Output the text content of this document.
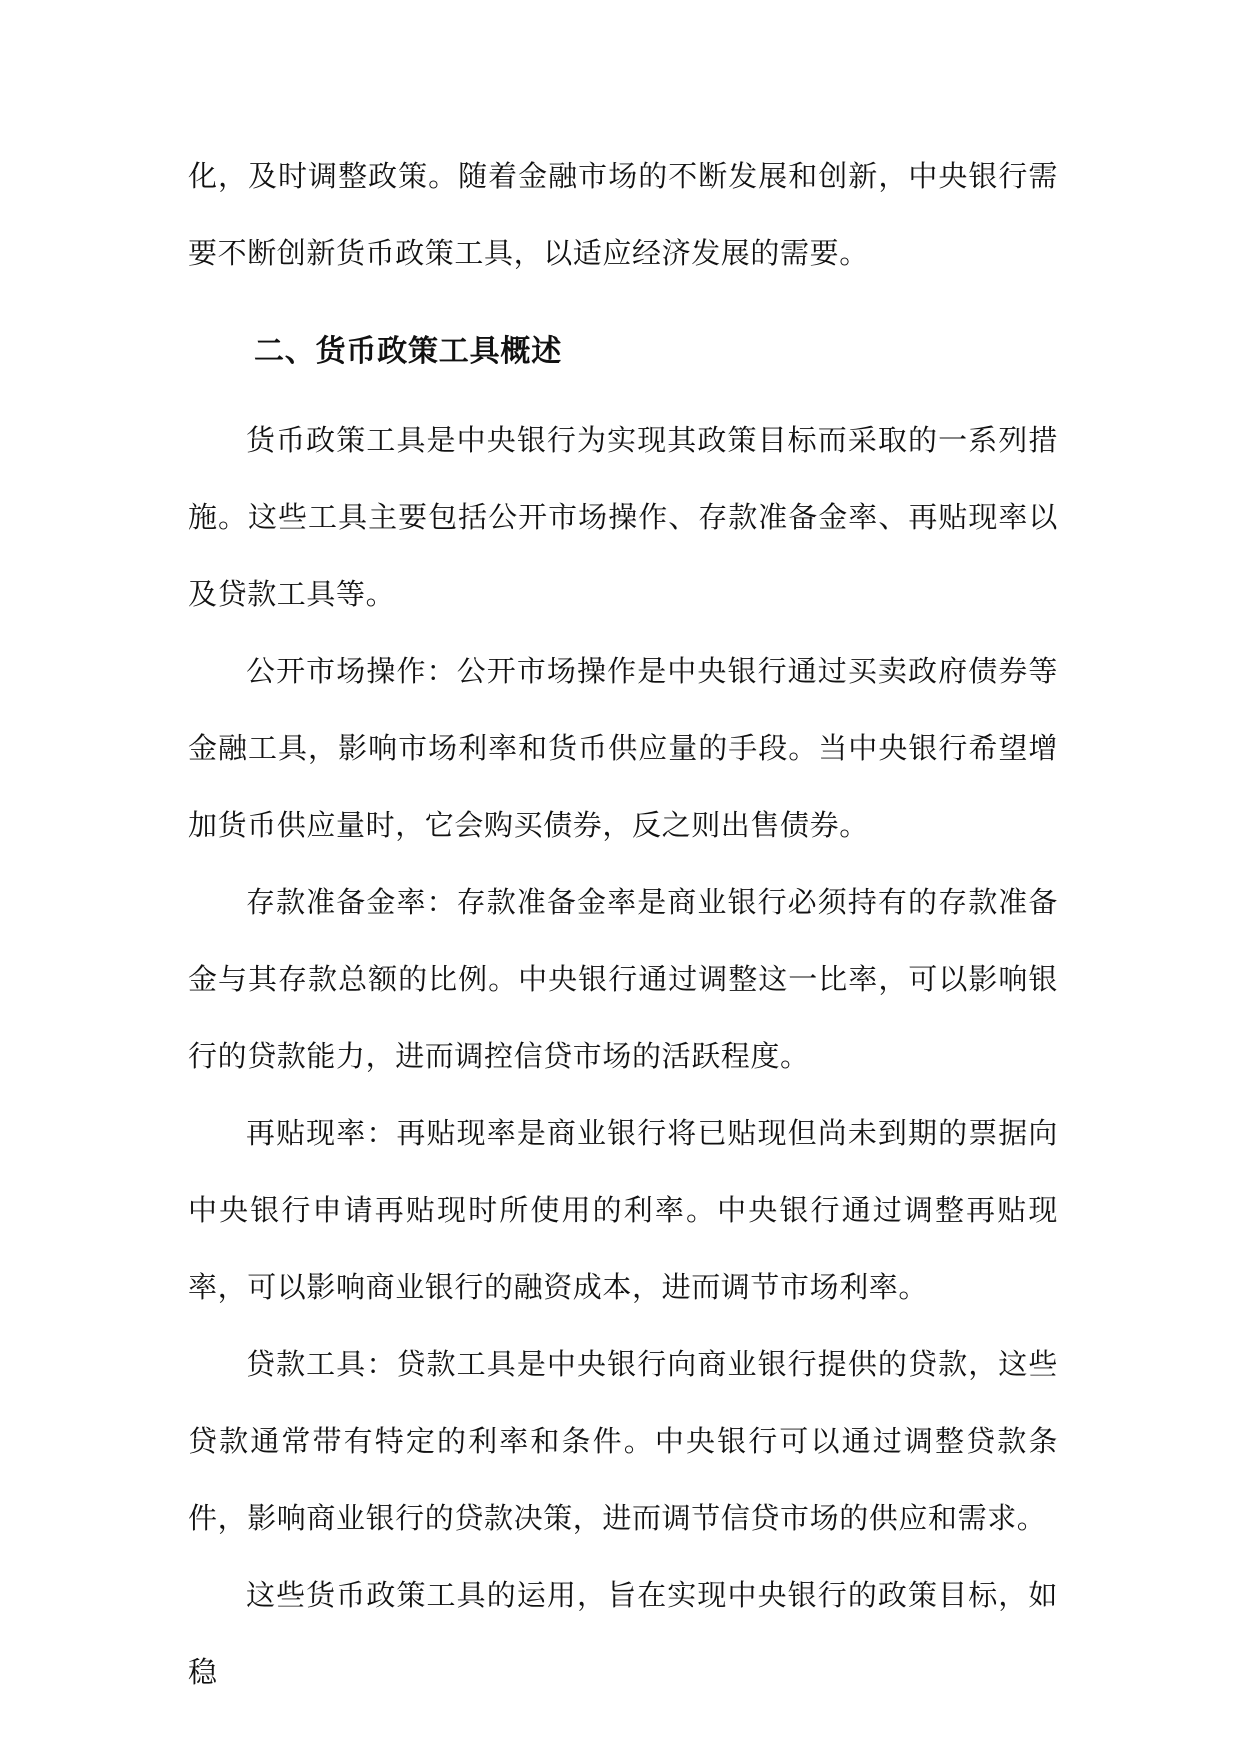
化，及时调整政策。随着金融市场的不断发展和创新，中央银行需要不断创新货币政策工具，以适应经济发展的需要。

二、货币政策工具概述

货币政策工具是中央银行为实现其政策目标而采取的一系列措施。这些工具主要包括公开市场操作、存款准备金率、再贴现率以及贷款工具等。

公开市场操作：公开市场操作是中央银行通过买卖政府债券等金融工具，影响市场利率和货币供应量的手段。当中央银行希望增加货币供应量时，它会购买债券，反之则出售债券。

存款准备金率：存款准备金率是商业银行必须持有的存款准备金与其存款总额的比例。中央银行通过调整这一比率，可以影响银行的贷款能力，进而调控信贷市场的活跃程度。

再贴现率：再贴现率是商业银行将已贴现但尚未到期的票据向中央银行申请再贴现时所使用的利率。中央银行通过调整再贴现率，可以影响商业银行的融资成本，进而调节市场利率。

贷款工具：贷款工具是中央银行向商业银行提供的贷款，这些贷款通常带有特定的利率和条件。中央银行可以通过调整贷款条件，影响商业银行的贷款决策，进而调节信贷市场的供应和需求。

这些货币政策工具的运用，旨在实现中央银行的政策目标，如稳
